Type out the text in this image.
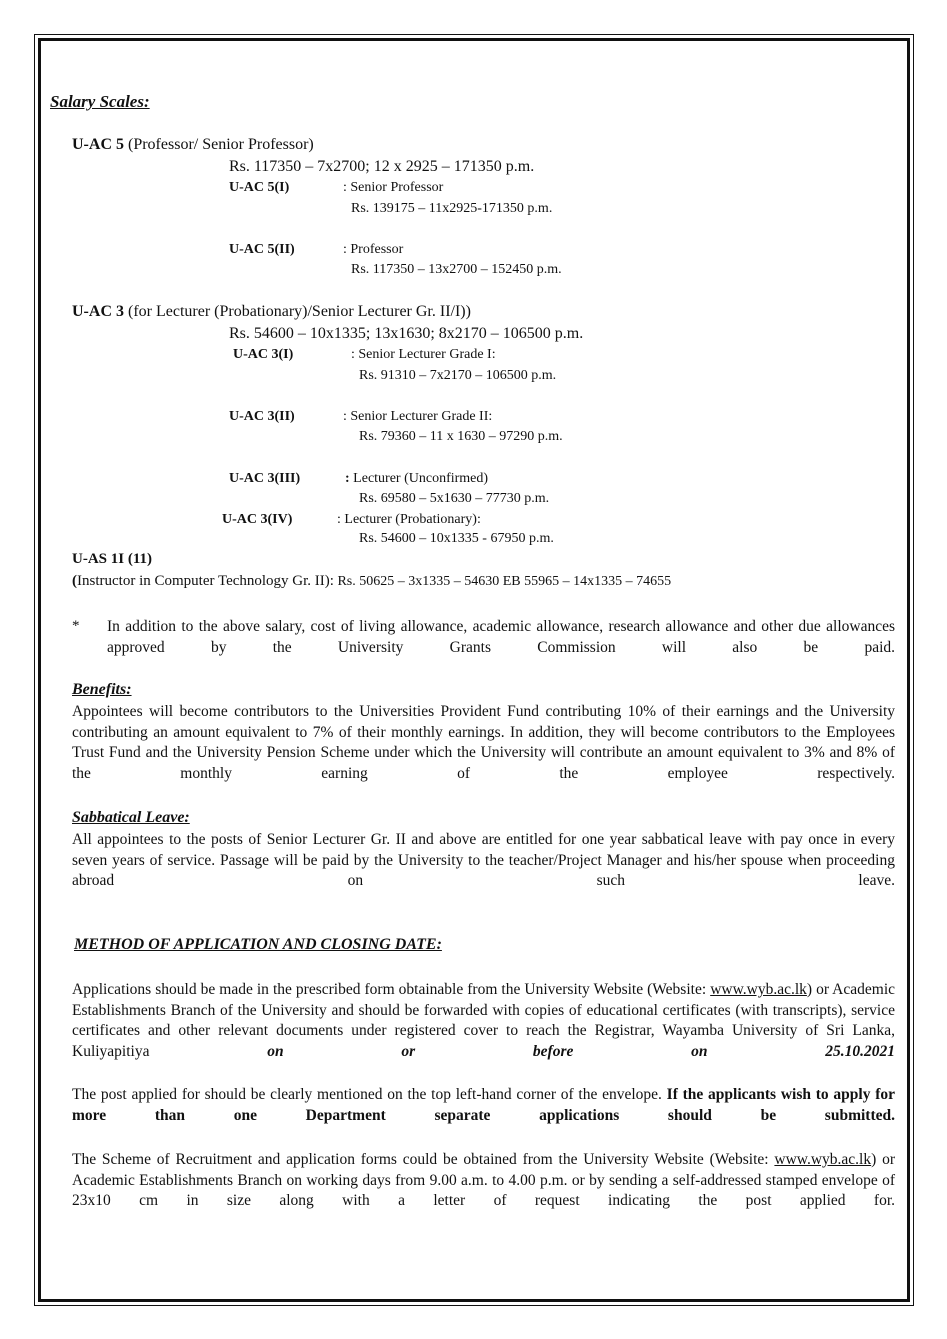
Salary Scales:
U-AC 5 (Professor/ Senior Professor)
Rs. 117350 – 7x2700; 12 x 2925 – 171350 p.m.
U-AC 5(I)	: Senior Professor
Rs. 139175 – 11x2925-171350 p.m.
U-AC 5(II)	: Professor
Rs. 117350 – 13x2700 – 152450 p.m.
U-AC 3 (for Lecturer (Probationary)/Senior Lecturer Gr. II/I))
Rs. 54600 – 10x1335; 13x1630; 8x2170 – 106500 p.m.
U-AC 3(I)	: Senior Lecturer Grade I:
Rs. 91310 – 7x2170 – 106500 p.m.
U-AC 3(II)	: Senior Lecturer Grade II:
Rs. 79360 – 11 x 1630 – 97290 p.m.
U-AC 3(III)	: Lecturer (Unconfirmed)
Rs. 69580 – 5x1630 – 77730 p.m.
U-AC 3(IV)	: Lecturer (Probationary):
Rs. 54600 – 10x1335 - 67950 p.m.
U-AS 1I (11)
(Instructor in Computer Technology Gr. II): Rs. 50625 – 3x1335 – 54630 EB 55965 – 14x1335 – 74655
* In addition to the above salary, cost of living allowance, academic allowance, research allowance and other due allowances approved by the University Grants Commission will also be paid.
Benefits:
Appointees will become contributors to the Universities Provident Fund contributing 10% of their earnings and the University contributing an amount equivalent to 7% of their monthly earnings. In addition, they will become contributors to the Employees Trust Fund and the University Pension Scheme under which the University will contribute an amount equivalent to 3% and 8% of the monthly earning of the employee respectively.
Sabbatical Leave:
All appointees to the posts of Senior Lecturer Gr. II and above are entitled for one year sabbatical leave with pay once in every seven years of service. Passage will be paid by the University to the teacher/Project Manager and his/her spouse when proceeding abroad on such leave.
METHOD OF APPLICATION AND CLOSING DATE:
Applications should be made in the prescribed form obtainable from the University Website (Website: www.wyb.ac.lk) or Academic Establishments Branch of the University and should be forwarded with copies of educational certificates (with transcripts), service certificates and other relevant documents under registered cover to reach the Registrar, Wayamba University of Sri Lanka, Kuliyapitiya on or before on 25.10.2021
The post applied for should be clearly mentioned on the top left-hand corner of the envelope. If the applicants wish to apply for more than one Department separate applications should be submitted.
The Scheme of Recruitment and application forms could be obtained from the University Website (Website: www.wyb.ac.lk) or Academic Establishments Branch on working days from 9.00 a.m. to 4.00 p.m. or by sending a self-addressed stamped envelope of 23x10 cm in size along with a letter of request indicating the post applied for.
